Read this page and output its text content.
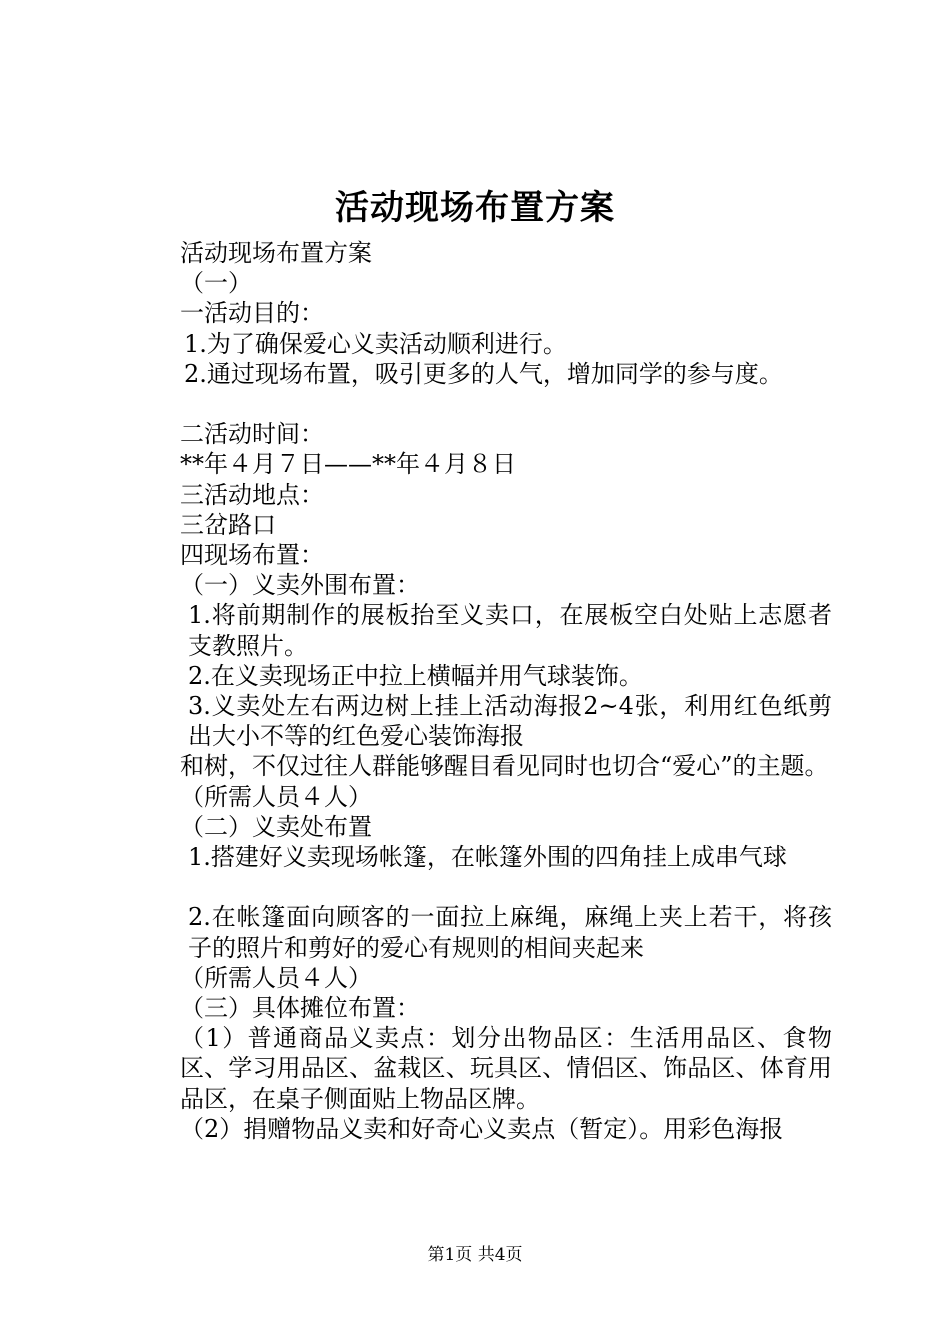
活动现场布置方案

活动现场布置方案

（一）

一活动目的：

1.为了确保爱心义卖活动顺利进行。

2.通过现场布置，吸引更多的人气，增加同学的参与度。

二活动时间：

**年４月７日——**年４月８日

三活动地点：

三岔路口

四现场布置：

（一）义卖外围布置：

1.将前期制作的展板抬至义卖口，在展板空白处贴上志愿者支教照片。

2.在义卖现场正中拉上横幅并用气球装饰。

3.义卖处左右两边树上挂上活动海报2~4张，利用红色纸剪出大小不等的红色爱心装饰海报

和树，不仅过往人群能够醒目看见同时也切合“爱心”的主题。

（所需人员４人）

（二）义卖处布置

1.搭建好义卖现场帐篷，在帐篷外围的四角挂上成串气球

2.在帐篷面向顾客的一面拉上麻绳，麻绳上夹上若干，将孩子的照片和剪好的爱心有规则的相间夹起来

（所需人员４人）

（三）具体摊位布置：

（1）普通商品义卖点：划分出物品区：生活用品区、食物区、学习用品区、盆栽区、玩具区、情侣区、饰品区、体育用品区，在桌子侧面贴上物品区牌。

（2）捐赠物品义卖和好奇心义卖点（暂定）。用彩色海报

第1页 共4页
